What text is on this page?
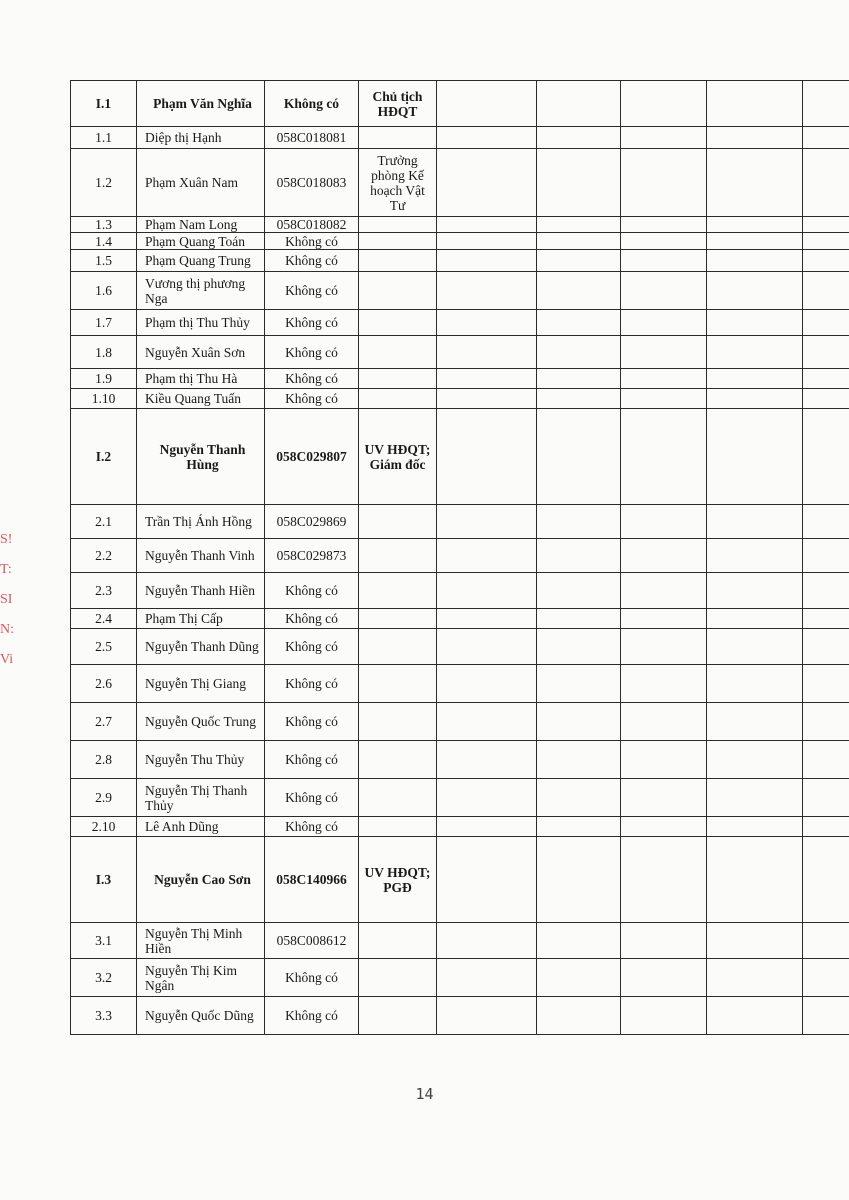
S!
T:
SI
N:
Vi
I.1	Phạm Văn Nghĩa	Không có	Chủ tịch HĐQT					
1.1	Diệp thị Hạnh	058C018081						
1.2	Phạm Xuân Nam	058C018083	Trưởng phòng Kế hoạch Vật Tư					
1.3	Phạm Nam Long	058C018082						
1.4	Phạm Quang Toán	Không có						
1.5	Phạm Quang Trung	Không có						
1.6	Vương thị phương Nga	Không có						
1.7	Phạm thị Thu Thủy	Không có						
1.8	Nguyễn Xuân Sơn	Không có						
1.9	Phạm thị Thu Hà	Không có						
1.10	Kiều Quang Tuấn	Không có						
I.2	Nguyễn Thanh Hùng	058C029807	UV HĐQT; Giám đốc					
2.1	Trần Thị Ánh Hồng	058C029869						
2.2	Nguyễn Thanh Vinh	058C029873						
2.3	Nguyễn Thanh Hiền	Không có						
2.4	Phạm Thị Cấp	Không có						
2.5	Nguyễn Thanh Dũng	Không có						
2.6	Nguyễn Thị Giang	Không có						
2.7	Nguyễn Quốc Trung	Không có						
2.8	Nguyễn Thu Thủy	Không có						
2.9	Nguyễn Thị Thanh Thủy	Không có						
2.10	Lê Anh Dũng	Không có						
I.3	Nguyễn Cao Sơn	058C140966	UV HĐQT; PGĐ					
3.1	Nguyễn Thị Minh Hiền	058C008612						
3.2	Nguyễn Thị Kim Ngân	Không có						
3.3	Nguyễn Quốc Dũng	Không có						
14
